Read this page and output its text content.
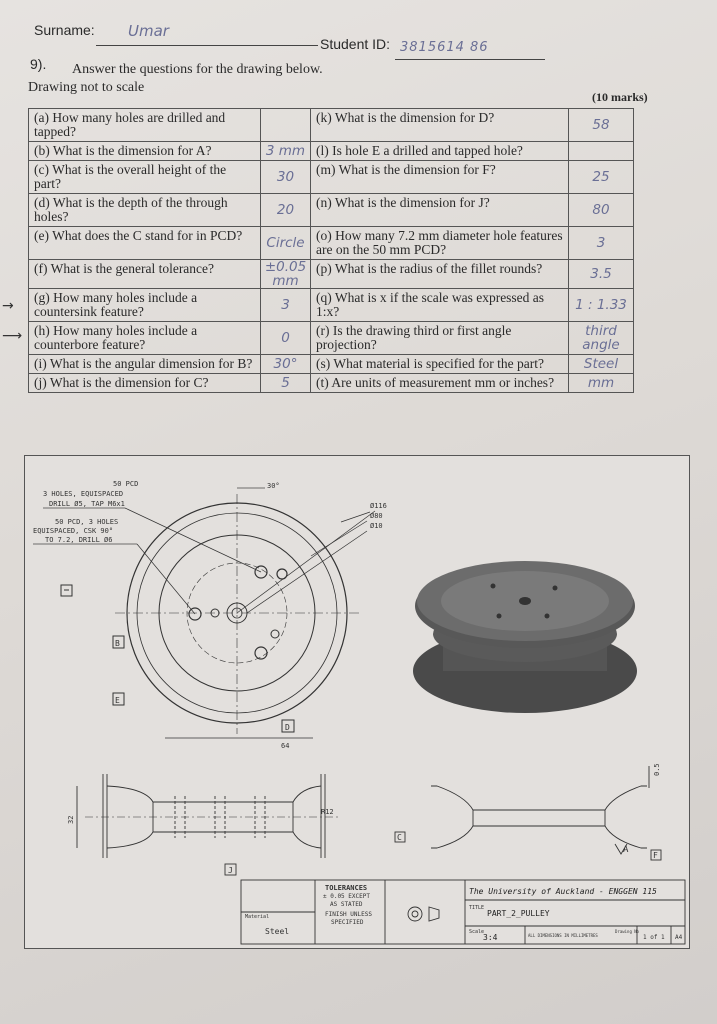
Surname: Umar
Student ID: 3815614 86
9). Answer the questions for the drawing below.
Drawing not to scale
(10 marks)
→
⟶
(a) How many holes are drilled and tapped?		(k) What is the dimension for D?	58
(b) What is the dimension for A?	3 mm	(l) Is hole E a drilled and tapped hole?	
(c) What is the overall height of the part?	30	(m) What is the dimension for F?	25
(d) What is the depth of the through holes?	20	(n) What is the dimension for J?	80
(e) What does the C stand for in PCD?	Circle	(o) How many 7.2 mm diameter hole features are on the 50 mm PCD?	3
(f) What is the general tolerance?	±0.05 mm	(p) What is the radius of the fillet rounds?	3.5
(g) How many holes include a countersink feature?	3	(q) What is x if the scale was expressed as 1:x?	1 : 1.33
(h) How many holes include a counterbore feature?	0	(r) Is the drawing third or first angle projection?	third angle
(i) What is the angular dimension for B?	30°	(s) What material is specified for the part?	Steel
(j) What is the dimension for C?	5	(t) Are units of measurement mm or inches?	mm
50 PCD
3 HOLES, EQUISPACED
DRILL Ø5, TAP M6x1
50 PCD, 3 HOLES
EQUISPACED, CSK 90°
TO 7.2, DRILL Ø6
30°
Ø116
Ø80
Ø10
B
E
D
64
R12
32
J
0.5
C
A
F
TOLERANCES
± 0.05 EXCEPT
AS STATED
FINISH UNLESS
SPECIFIED
Material
Steel
The University of Auckland - ENGGEN 115
TITLE
PART_2_PULLEY
Scale
3:4	ALL DIMENSIONS IN MILLIMETRES
Drawing No
1 of 1 A4
